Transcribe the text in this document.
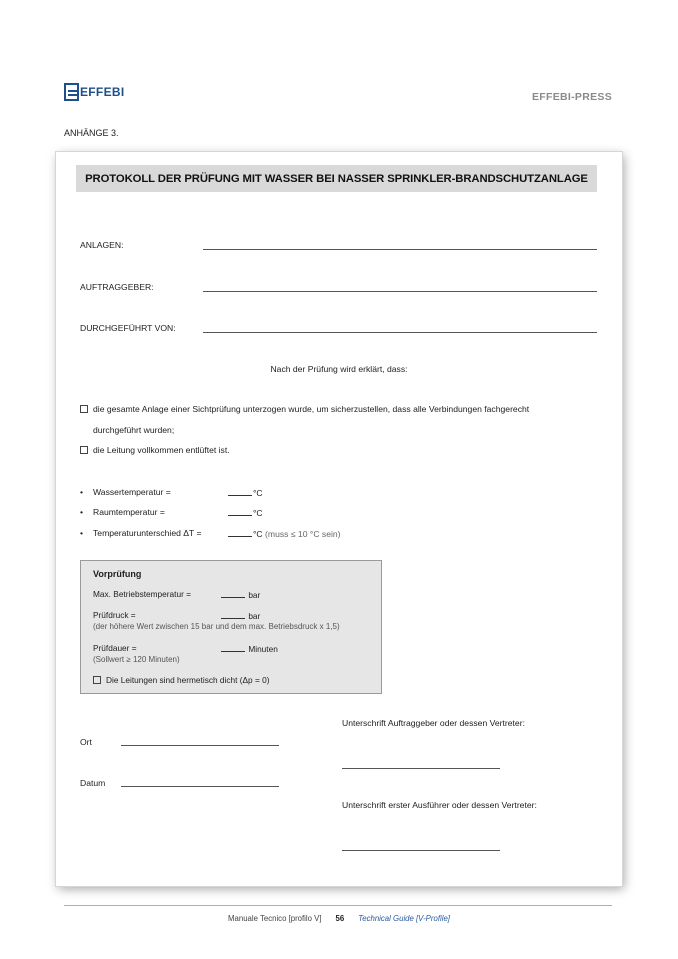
EFFEBI	EFFEBI-PRESS
ANHÄNGE 3.
PROTOKOLL DER PRÜFUNG MIT WASSER BEI NASSER SPRINKLER-BRANDSCHUTZANLAGE
ANLAGEN:
AUFTRAGGEBER:
DURCHGEFÜHRT VON:
Nach der Prüfung wird erklärt, dass:
die gesamte Anlage einer Sichtprüfung unterzogen wurde, um sicherzustellen, dass alle Verbindungen fachgerecht
durchgeführt wurden;
die Leitung vollkommen entlüftet ist.
• Wassertemperatur =	°C
• Raumtemperatur =	°C
• Temperaturunterschied ΔT =	°C (muss ≤ 10 °C sein)
Vorprüfung
Max. Betriebstemperatur =	bar
Prüfdruck =	bar
(der höhere Wert zwischen 15 bar und dem max. Betriebsdruck x 1,5)
Prüfdauer =	Minuten
(Sollwert ≥ 120 Minuten)
Die Leitungen sind hermetisch dicht (Δp = 0)
Ort
Datum
Unterschrift Auftraggeber oder dessen Vertreter:
Unterschrift erster Ausführer oder dessen Vertreter:
Manuale Tecnico [profilo V] 56 Technical Guide [V-Profile]
